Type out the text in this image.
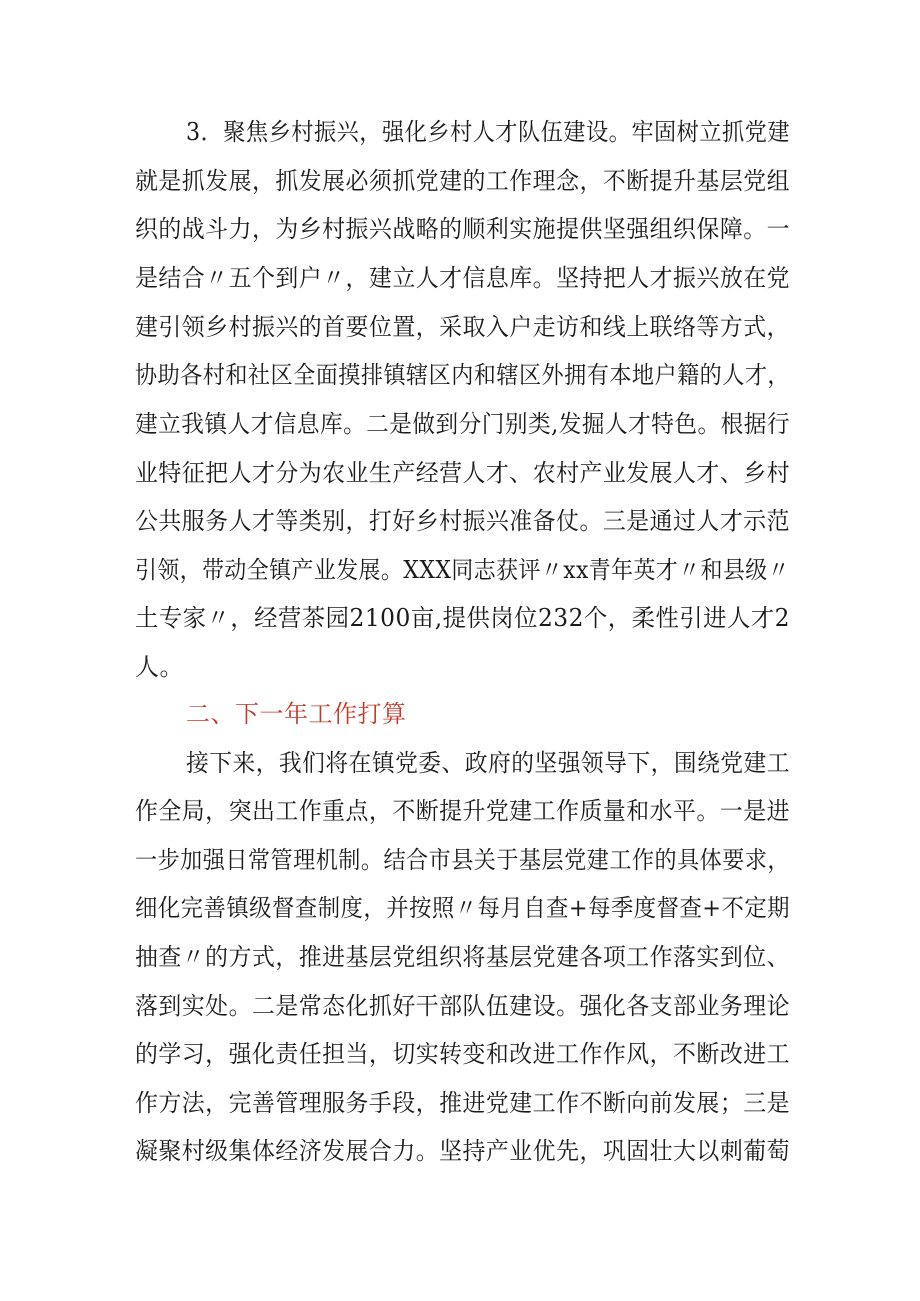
3．聚焦乡村振兴，强化乡村人才队伍建设。牢固树立抓党建
就是抓发展，抓发展必须抓党建的工作理念，不断提升基层党组
织的战斗力，为乡村振兴战略的顺利实施提供坚强组织保障。一
是结合〃五个到户〃，建立人才信息库。坚持把人才振兴放在党
建引领乡村振兴的首要位置，采取入户走访和线上联络等方式，
协助各村和社区全面摸排镇辖区内和辖区外拥有本地户籍的人才，
建立我镇人才信息库。二是做到分门别类,发掘人才特色。根据行
业特征把人才分为农业生产经营人才、农村产业发展人才、乡村
公共服务人才等类别，打好乡村振兴准备仗。三是通过人才示范
引领，带动全镇产业发展。XXX同志获评〃xx青年英才〃和县级〃
土专家〃，经营茶园2100亩,提供岗位232个，柔性引进人才2
人。
二、下一年工作打算
接下来，我们将在镇党委、政府的坚强领导下，围绕党建工
作全局，突出工作重点，不断提升党建工作质量和水平。一是进
一步加强日常管理机制。结合市县关于基层党建工作的具体要求，
细化完善镇级督查制度，并按照〃每月自查+每季度督查+不定期
抽查〃的方式，推进基层党组织将基层党建各项工作落实到位、
落到实处。二是常态化抓好干部队伍建设。强化各支部业务理论
的学习，强化责任担当，切实转变和改进工作作风，不断改进工
作方法，完善管理服务手段，推进党建工作不断向前发展；三是
凝聚村级集体经济发展合力。坚持产业优先，巩固壮大以刺葡萄
